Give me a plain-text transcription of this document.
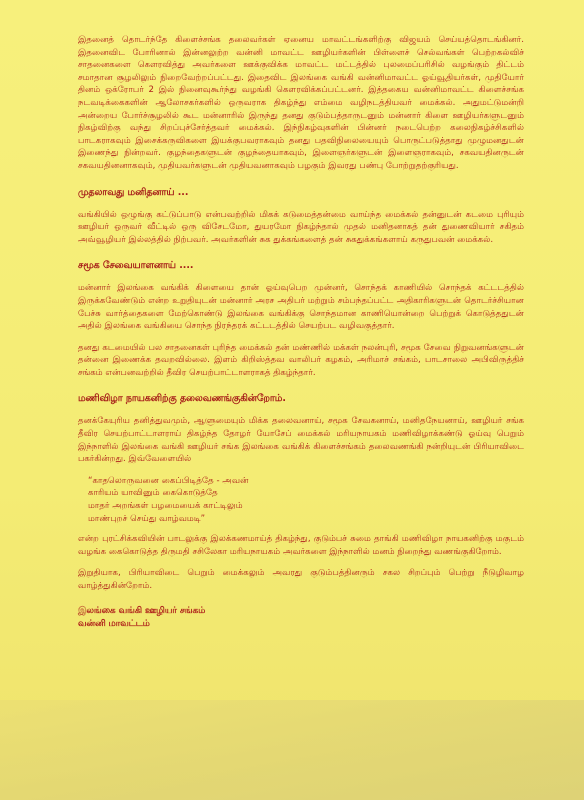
இதனைத் தொடர்ந்தே கிளைச்சங்க தலைவர்கள் ஏனைய மாவட்டங்களிற்கு விஜயம் செய்யத்தொடங்கினர். இதனைவிட போரினால் இன்னலுற்ற வன்னி மாவட்ட ஊழியர்களின் பிள்ளைச் செல்வங்கள் பெற்றகல்விச் சாதனைகளை கௌரவித்து அவர்களை ஊக்குவிக்க மாவட்ட மட்டத்தில் புலமைப்பரிசில் வழங்கும் திட்டம் சமாதான சூழலிலும் நிறைவேற்றப்பட்டது. இதைவிட இலங்கை வங்கி வன்னிமாவட்ட ஓய்வூதியர்கள், முதியோர் தினம் ஒக்ரோபர் 2 இல் நினைவுகூர்ந்து வழங்கி கௌரவிக்கப்பட்டனர். இத்தகைய வன்னிமாவட்ட கிளைச்சங்க நடவடிக்கைகளின் ஆலோசகர்களில் ஒருவராக திகழ்ந்து எம்மை வழிநடத்தியவர் மைக்கல். அதுமட்டுமன்றி அன்றைய போர்ச்சூழலில் கூட மன்னாரில் இருந்து தனது குடும்பத்தாருடனும் மன்னார் கிளை ஊழியர்களுடனும் நிகழ்விற்கு வந்து சிறப்புச்சேர்த்தவர் மைக்கல். இந்நிகழ்வுகளின் பின்னர் நடைபெற்ற கலைநிகழ்ச்சிகளில் பாடகராகவும் இசைக்கருவிகளை இயக்குபவராகவும் தனது பதவிநிலையையும் பொருட்படுத்தாது முழுமனதுடன் இணைந்து நின்றவர். குழந்தைகளுடன் குழந்தையாகவும், இளைஞர்களுடன் இளைஞராகவும், சகவயதினருடன் சகவயதினனாகவும், முதியவர்களுடன் முதியவனாகவும் பழகும் இவரது பண்பு போற்றுதற்குரியது.

முதலாவது மனிதனாய் ...

வங்கியில் ஒழுங்கு கட்டுப்பாடு என்பவற்றில் மிகக் கடுமைத்தன்மை வாய்ந்த மைக்கல் தன்னுடன் கடமை புரியும் ஊழியர் ஒருவர் வீட்டில் ஒரு விசேடமோ, துயரமோ நிகழ்ந்தால் முதல் மனிதனாகத் தன் துணைவியார் சகிதம் அவ்வூழியர் இல்லத்தில் நிற்பவர். அவர்களின் சுக துக்கங்களைத் தன் சுகதுக்கங்களாய் கருதுபவன் மைக்கல்.

சமூக சேவையாளனாய் ....

மன்னார் இலங்கை வங்கிக் கிளையை தான் ஓய்வுபெற முன்னர், சொந்தக் காணியில் சொந்தக் கட்டடத்தில் இருக்கவேண்டும் என்ற உறுதியுடன் மன்னார் அரச அதிபர் மற்றும் சம்பந்தப்பட்ட அதிகாரிகளுடன் தொடர்ச்சியான பேச்சு வார்த்தைகளை மேற்கொண்டு இலங்கை வங்கிக்கு சொந்தமான காணியொன்றை பெற்றுக் கொடுத்ததுடன் அதில் இலங்கை வங்கியை சொந்த நிரந்தரக் கட்டடத்தில் செயற்பட வழிவகுத்தார்.

தனது கடமையில் பல சாதனைகள் புரிந்த மைக்கல் தன் மண்ணில் மக்கள் நலன்புரி, சமூக சேவை நிறுவனங்களுடன் தன்னை இணைக்க தவறவில்லை. இளம் கிறிஸ்த்தவ வாலிபர் கழகம், அரிமாச் சங்கம், பாடசாலை அபிவிருத்திச் சங்கம் என்பனவற்றில் தீவிர செயற்பாட்டாளராகத் திகழ்ந்தார்.

மணிவிழா நாயகனிற்கு தலைவணங்குகின்றோம்.

தனக்கேயுரிய தனித்துவமும், ஆளுமையும் மிக்க தலைவனாய், சமூக சேவகனாய், மனிதநேயனாய், ஊழியர் சங்க தீவிர செயற்பாட்டாளராய் திகழ்ந்த தோழர் யோசேப் மைக்கல் மரியநாயகம் மணிவிழாக்கண்டு ஓய்வு பெறும் இந்நாளில் இலங்கை வங்கி ஊழியர் சங்க இலங்கை வங்கிக் கிளைச்சங்கம் தலைவணங்கி நன்றியுடன் பிரியாவிடை பகர்கின்றது. இவ்வேளையில்

“காதலொருவனை கைப்பிடித்தே - அவன்
காரியம் யாவினும் கைகொடுத்தே
மாதர் அறங்கள் பழமையைக் காட்டிலும்
மாண்புறச் செய்து வாழ்வமடி”

என்ற புரட்சிக்கவியின் பாடலுக்கு இலக்கணமாய்த் திகழ்ந்து, குடும்பச் சுமை தாங்கி மணிவிழா நாயகனிற்கு மகுடம் வழங்க கைகொடுத்த திருமதி சசிலேகா மரியநாயகம் அவர்களை இந்நாளில் மனம் நிறைந்து வணங்குகிறோம்.

இறுதியாக, பிரியாவிடை பெறும் மைக்கலும் அவரது குடும்பத்தினரும் சகல சிறப்பும் பெற்று நீடுழிவாழ வாழ்த்துகின்றோம்.

இலங்கை வங்கி ஊழியர் சங்கம்
வன்னி மாவட்டம்
